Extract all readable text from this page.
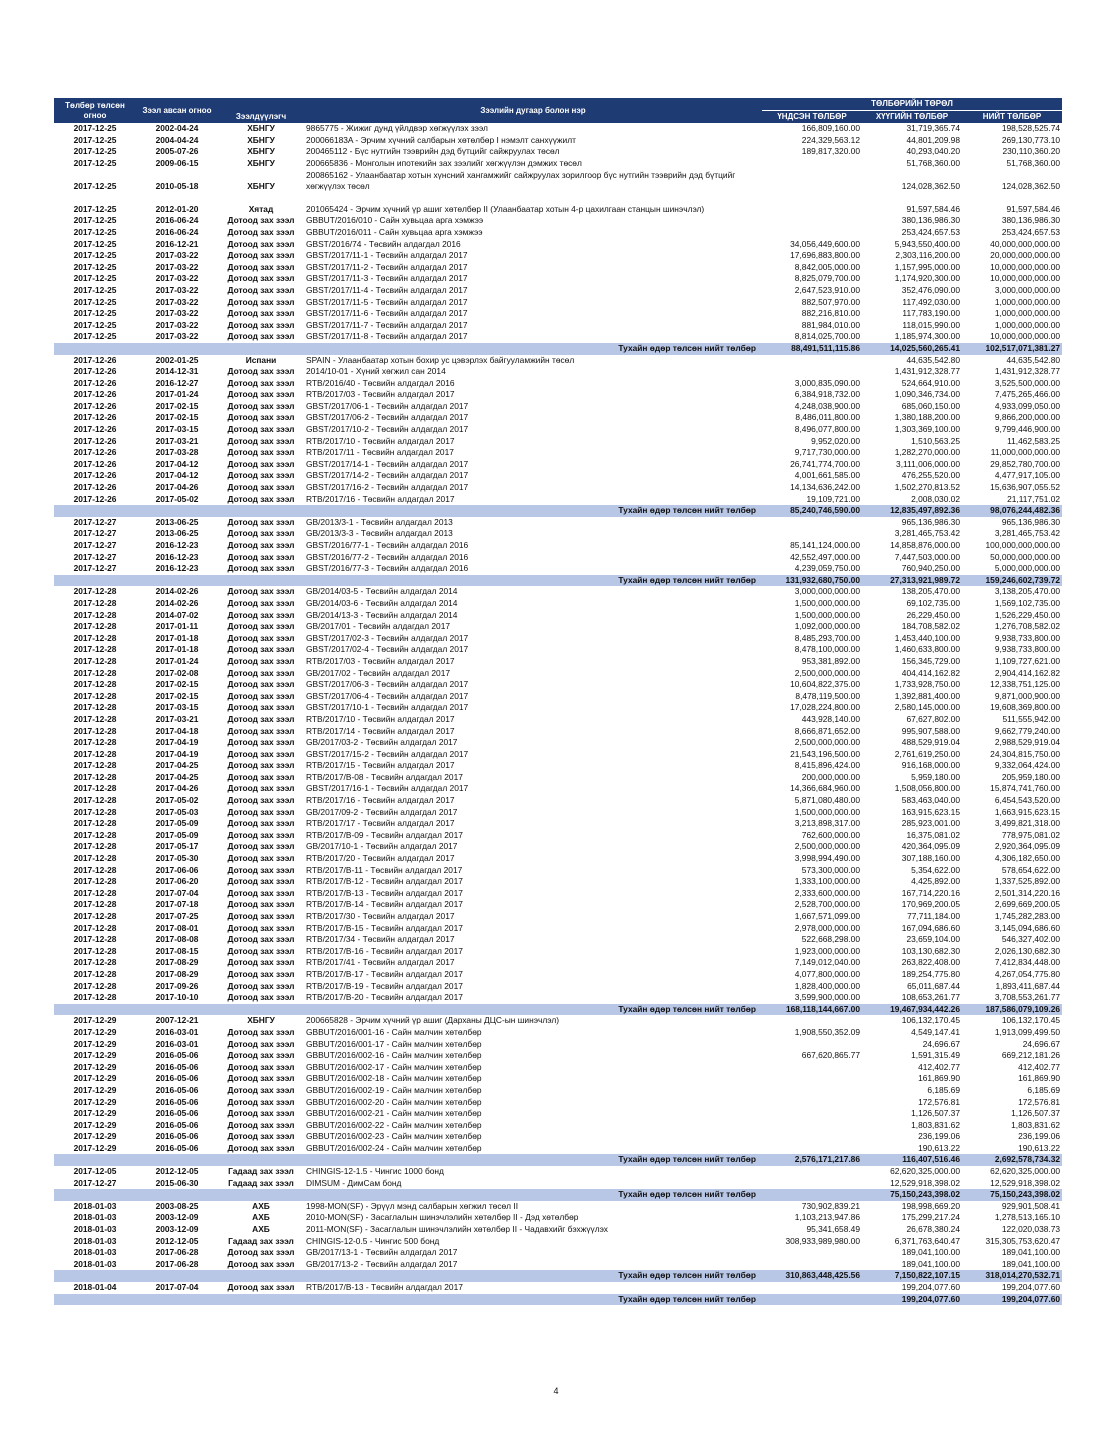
Төлбөр төлсөн огноо	Зээл авсан огноо	Зээлдүүлэгч	Зээлийн дугаар болон нэр	ТӨЛБӨРИЙН ТӨРӨЛ		
				ҮНДСЭН ТӨЛБӨР	ХҮҮГИЙН ТӨЛБӨР	НИЙТ ТӨЛБӨР
2017-12-25	2002-04-24	ХБНГУ	9865775 - Жижиг дунд үйлдвэр хөгжүүлэх зээл	166,809,160.00	31,719,365.74	198,528,525.74
2017-12-25	2004-04-24	ХБНГУ	200066183A - Эрчим хүчний салбарын хөтөлбөр I нэмэлт санхүүжилт	224,329,563.12	44,801,209.98	269,130,773.10
2017-12-25	2005-07-26	ХБНГУ	200465112 - Бүс нутгийн тээврийн дэд бүтцийг сайжруулах төсөл	189,817,320.00	40,293,040.20	230,110,360.20
2017-12-25	2009-06-15	ХБНГУ	200665836 - Монголын ипотекийн зах зээлийг хөгжүүлэн дэмжих төсөл		51,768,360.00	51,768,360.00
2017-12-25	2010-05-18	ХБНГУ	200865162 - Улаанбаатар хотын хүнсний хангамжийг сайжруулах зорилгоор бүс нутгийн тээврийн дэд бүтцийг хөгжүүлэх төсөл		124,028,362.50	124,028,362.50
2017-12-25	2012-01-20	Хятад	201065424 - Эрчим хүчний үр ашиг хөтөлбөр II (Улаанбаатар хотын 4-р цахилгаан станцын шинэчлэл)		91,597,584.46	91,597,584.46
2017-12-25	2016-06-24	Дотоод зах зээл	GBBUT/2016/010 - Сайн хувьцаа арга хэмжээ		380,136,986.30	380,136,986.30
2017-12-25	2016-06-24	Дотоод зах зээл	GBBUT/2016/011 - Сайн хувьцаа арга хэмжээ		253,424,657.53	253,424,657.53
2017-12-25	2016-12-21	Дотоод зах зээл	GBST/2016/74 - Төсвийн алдагдал 2016	34,056,449,600.00	5,943,550,400.00	40,000,000,000.00
2017-12-25	2017-03-22	Дотоод зах зээл	GBST/2017/11-1 - Төсвийн алдагдал 2017	17,696,883,800.00	2,303,116,200.00	20,000,000,000.00
2017-12-25	2017-03-22	Дотоод зах зээл	GBST/2017/11-2 - Төсвийн алдагдал 2017	8,842,005,000.00	1,157,995,000.00	10,000,000,000.00
2017-12-25	2017-03-22	Дотоод зах зээл	GBST/2017/11-3 - Төсвийн алдагдал 2017	8,825,079,700.00	1,174,920,300.00	10,000,000,000.00
2017-12-25	2017-03-22	Дотоод зах зээл	GBST/2017/11-4 - Төсвийн алдагдал 2017	2,647,523,910.00	352,476,090.00	3,000,000,000.00
2017-12-25	2017-03-22	Дотоод зах зээл	GBST/2017/11-5 - Төсвийн алдагдал 2017	882,507,970.00	117,492,030.00	1,000,000,000.00
2017-12-25	2017-03-22	Дотоод зах зээл	GBST/2017/11-6 - Төсвийн алдагдал 2017	882,216,810.00	117,783,190.00	1,000,000,000.00
2017-12-25	2017-03-22	Дотоод зах зээл	GBST/2017/11-7 - Төсвийн алдагдал 2017	881,984,010.00	118,015,990.00	1,000,000,000.00
2017-12-25	2017-03-22	Дотоод зах зээл	GBST/2017/11-8 - Төсвийн алдагдал 2017	8,814,025,700.00	1,185,974,300.00	10,000,000,000.00
Тухайн өдөр төлсөн нийт төлбөр				88,491,511,115.86	14,025,560,265.41	102,517,071,381.27
2017-12-26	2002-01-25	Испани	SPAIN - Улаанбаатар хотын бохир ус цэвэрлэх байгууламжийн төсөл		44,635,542.80	44,635,542.80
2017-12-26	2014-12-31	Дотоод зах зээл	2014/10-01 - Хүний хөгжил сан 2014		1,431,912,328.77	1,431,912,328.77
2017-12-26	2016-12-27	Дотоод зах зээл	RTB/2016/40 - Төсвийн алдагдал 2016	3,000,835,090.00	524,664,910.00	3,525,500,000.00
2017-12-26	2017-01-24	Дотоод зах зээл	RTB/2017/03 - Төсвийн алдагдал 2017	6,384,918,732.00	1,090,346,734.00	7,475,265,466.00
2017-12-26	2017-02-15	Дотоод зах зээл	GBST/2017/06-1 - Төсвийн алдагдал 2017	4,248,038,900.00	685,060,150.00	4,933,099,050.00
2017-12-26	2017-02-15	Дотоод зах зээл	GBST/2017/06-2 - Төсвийн алдагдал 2017	8,486,011,800.00	1,380,188,200.00	9,866,200,000.00
2017-12-26	2017-03-15	Дотоод зах зээл	GBST/2017/10-2 - Төсвийн алдагдал 2017	8,496,077,800.00	1,303,369,100.00	9,799,446,900.00
2017-12-26	2017-03-21	Дотоод зах зээл	RTB/2017/10 - Төсвийн алдагдал 2017	9,952,020.00	1,510,563.25	11,462,583.25
2017-12-26	2017-03-28	Дотоод зах зээл	RTB/2017/11 - Төсвийн алдагдал 2017	9,717,730,000.00	1,282,270,000.00	11,000,000,000.00
2017-12-26	2017-04-12	Дотоод зах зээл	GBST/2017/14-1 - Төсвийн алдагдал 2017	26,741,774,700.00	3,111,006,000.00	29,852,780,700.00
2017-12-26	2017-04-12	Дотоод зах зээл	GBST/2017/14-2 - Төсвийн алдагдал 2017	4,001,661,585.00	476,255,520.00	4,477,917,105.00
2017-12-26	2017-04-26	Дотоод зах зээл	GBST/2017/16-2 - Төсвийн алдагдал 2017	14,134,636,242.00	1,502,270,813.52	15,636,907,055.52
2017-12-26	2017-05-02	Дотоод зах зээл	RTB/2017/16 - Төсвийн алдагдал 2017	19,109,721.00	2,008,030.02	21,117,751.02
Тухайн өдөр төлсөн нийт төлбөр				85,240,746,590.00	12,835,497,892.36	98,076,244,482.36
2017-12-27	2013-06-25	Дотоод зах зээл	GB/2013/3-1 - Төсвийн алдагдал 2013		965,136,986.30	965,136,986.30
2017-12-27	2013-06-25	Дотоод зах зээл	GB/2013/3-3 - Төсвийн алдагдал 2013		3,281,465,753.42	3,281,465,753.42
2017-12-27	2016-12-23	Дотоод зах зээл	GBST/2016/77-1 - Төсвийн алдагдал 2016	85,141,124,000.00	14,858,876,000.00	100,000,000,000.00
2017-12-27	2016-12-23	Дотоод зах зээл	GBST/2016/77-2 - Төсвийн алдагдал 2016	42,552,497,000.00	7,447,503,000.00	50,000,000,000.00
2017-12-27	2016-12-23	Дотоод зах зээл	GBST/2016/77-3 - Төсвийн алдагдал 2016	4,239,059,750.00	760,940,250.00	5,000,000,000.00
Тухайн өдөр төлсөн нийт төлбөр				131,932,680,750.00	27,313,921,989.72	159,246,602,739.72
2017-12-28	2014-02-26	Дотоод зах зээл	GB/2014/03-5 - Төсвийн алдагдал 2014	3,000,000,000.00	138,205,470.00	3,138,205,470.00
2017-12-28	2014-02-26	Дотоод зах зээл	GB/2014/03-6 - Төсвийн алдагдал 2014	1,500,000,000.00	69,102,735.00	1,569,102,735.00
2017-12-28	2014-07-02	Дотоод зах зээл	GB/2014/13-3 - Төсвийн алдагдал 2014	1,500,000,000.00	26,229,450.00	1,526,229,450.00
2017-12-28	2017-01-11	Дотоод зах зээл	GB/2017/01 - Төсвийн алдагдал 2017	1,092,000,000.00	184,708,582.02	1,276,708,582.02
2017-12-28	2017-01-18	Дотоод зах зээл	GBST/2017/02-3 - Төсвийн алдагдал 2017	8,485,293,700.00	1,453,440,100.00	9,938,733,800.00
2017-12-28	2017-01-18	Дотоод зах зээл	GBST/2017/02-4 - Төсвийн алдагдал 2017	8,478,100,000.00	1,460,633,800.00	9,938,733,800.00
2017-12-28	2017-01-24	Дотоод зах зээл	RTB/2017/03 - Төсвийн алдагдал 2017	953,381,892.00	156,345,729.00	1,109,727,621.00
2017-12-28	2017-02-08	Дотоод зах зээл	GB/2017/02 - Төсвийн алдагдал 2017	2,500,000,000.00	404,414,162.82	2,904,414,162.82
2017-12-28	2017-02-15	Дотоод зах зээл	GBST/2017/06-3 - Төсвийн алдагдал 2017	10,604,822,375.00	1,733,928,750.00	12,338,751,125.00
2017-12-28	2017-02-15	Дотоод зах зээл	GBST/2017/06-4 - Төсвийн алдагдал 2017	8,478,119,500.00	1,392,881,400.00	9,871,000,900.00
2017-12-28	2017-03-15	Дотоод зах зээл	GBST/2017/10-1 - Төсвийн алдагдал 2017	17,028,224,800.00	2,580,145,000.00	19,608,369,800.00
2017-12-28	2017-03-21	Дотоод зах зээл	RTB/2017/10 - Төсвийн алдагдал 2017	443,928,140.00	67,627,802.00	511,555,942.00
2017-12-28	2017-04-18	Дотоод зах зээл	RTB/2017/14 - Төсвийн алдагдал 2017	8,666,871,652.00	995,907,588.00	9,662,779,240.00
2017-12-28	2017-04-19	Дотоод зах зээл	GB/2017/03-2 - Төсвийн алдагдал 2017	2,500,000,000.00	488,529,919.04	2,988,529,919.04
2017-12-28	2017-04-19	Дотоод зах зээл	GBST/2017/15-2 - Төсвийн алдагдал 2017	21,543,196,500.00	2,761,619,250.00	24,304,815,750.00
2017-12-28	2017-04-25	Дотоод зах зээл	RTB/2017/15 - Төсвийн алдагдал 2017	8,415,896,424.00	916,168,000.00	9,332,064,424.00
2017-12-28	2017-04-25	Дотоод зах зээл	RTB/2017/B-08 - Төсвийн алдагдал 2017	200,000,000.00	5,959,180.00	205,959,180.00
2017-12-28	2017-04-26	Дотоод зах зээл	GBST/2017/16-1 - Төсвийн алдагдал 2017	14,366,684,960.00	1,508,056,800.00	15,874,741,760.00
2017-12-28	2017-05-02	Дотоод зах зээл	RTB/2017/16 - Төсвийн алдагдал 2017	5,871,080,480.00	583,463,040.00	6,454,543,520.00
2017-12-28	2017-05-03	Дотоод зах зээл	GB/2017/09-2 - Төсвийн алдагдал 2017	1,500,000,000.00	163,915,623.15	1,663,915,623.15
2017-12-28	2017-05-09	Дотоод зах зээл	RTB/2017/17 - Төсвийн алдагдал 2017	3,213,898,317.00	285,923,001.00	3,499,821,318.00
2017-12-28	2017-05-09	Дотоод зах зээл	RTB/2017/B-09 - Төсвийн алдагдал 2017	762,600,000.00	16,375,081.02	778,975,081.02
2017-12-28	2017-05-17	Дотоод зах зээл	GB/2017/10-1 - Төсвийн алдагдал 2017	2,500,000,000.00	420,364,095.09	2,920,364,095.09
2017-12-28	2017-05-30	Дотоод зах зээл	RTB/2017/20 - Төсвийн алдагдал 2017	3,998,994,490.00	307,188,160.00	4,306,182,650.00
2017-12-28	2017-06-06	Дотоод зах зээл	RTB/2017/B-11 - Төсвийн алдагдал 2017	573,300,000.00	5,354,622.00	578,654,622.00
2017-12-28	2017-06-20	Дотоод зах зээл	RTB/2017/B-12 - Төсвийн алдагдал 2017	1,333,100,000.00	4,425,892.00	1,337,525,892.00
2017-12-28	2017-07-04	Дотоод зах зээл	RTB/2017/B-13 - Төсвийн алдагдал 2017	2,333,600,000.00	167,714,220.16	2,501,314,220.16
2017-12-28	2017-07-18	Дотоод зах зээл	RTB/2017/B-14 - Төсвийн алдагдал 2017	2,528,700,000.00	170,969,200.05	2,699,669,200.05
2017-12-28	2017-07-25	Дотоод зах зээл	RTB/2017/30 - Төсвийн алдагдал 2017	1,667,571,099.00	77,711,184.00	1,745,282,283.00
2017-12-28	2017-08-01	Дотоод зах зээл	RTB/2017/B-15 - Төсвийн алдагдал 2017	2,978,000,000.00	167,094,686.60	3,145,094,686.60
2017-12-28	2017-08-08	Дотоод зах зээл	RTB/2017/34 - Төсвийн алдагдал 2017	522,668,298.00	23,659,104.00	546,327,402.00
2017-12-28	2017-08-15	Дотоод зах зээл	RTB/2017/B-16 - Төсвийн алдагдал 2017	1,923,000,000.00	103,130,682.30	2,026,130,682.30
2017-12-28	2017-08-29	Дотоод зах зээл	RTB/2017/41 - Төсвийн алдагдал 2017	7,149,012,040.00	263,822,408.00	7,412,834,448.00
2017-12-28	2017-08-29	Дотоод зах зээл	RTB/2017/B-17 - Төсвийн алдагдал 2017	4,077,800,000.00	189,254,775.80	4,267,054,775.80
2017-12-28	2017-09-26	Дотоод зах зээл	RTB/2017/B-19 - Төсвийн алдагдал 2017	1,828,400,000.00	65,011,687.44	1,893,411,687.44
2017-12-28	2017-10-10	Дотоод зах зээл	RTB/2017/B-20 - Төсвийн алдагдал 2017	3,599,900,000.00	108,653,261.77	3,708,553,261.77
Тухайн өдөр төлсөн нийт төлбөр				168,118,144,667.00	19,467,934,442.26	187,586,079,109.26
2017-12-29	2007-12-21	ХБНГУ	200665828 - Эрчим хүчний үр ашиг (Дарханы ДЦС-ын шинэчлэл)		106,132,170.45	106,132,170.45
2017-12-29	2016-03-01	Дотоод зах зээл	GBBUT/2016/001-16 - Сайн малчин хөтөлбөр	1,908,550,352.09	4,549,147.41	1,913,099,499.50
2017-12-29	2016-03-01	Дотоод зах зээл	GBBUT/2016/001-17 - Сайн малчин хөтөлбөр		24,696.67	24,696.67
2017-12-29	2016-05-06	Дотоод зах зээл	GBBUT/2016/002-16 - Сайн малчин хөтөлбөр	667,620,865.77	1,591,315.49	669,212,181.26
2017-12-29	2016-05-06	Дотоод зах зээл	GBBUT/2016/002-17 - Сайн малчин хөтөлбөр		412,402.77	412,402.77
2017-12-29	2016-05-06	Дотоод зах зээл	GBBUT/2016/002-18 - Сайн малчин хөтөлбөр		161,869.90	161,869.90
2017-12-29	2016-05-06	Дотоод зах зээл	GBBUT/2016/002-19 - Сайн малчин хөтөлбөр		6,185.69	6,185.69
2017-12-29	2016-05-06	Дотоод зах зээл	GBBUT/2016/002-20 - Сайн малчин хөтөлбөр		172,576.81	172,576.81
2017-12-29	2016-05-06	Дотоод зах зээл	GBBUT/2016/002-21 - Сайн малчин хөтөлбөр		1,126,507.37	1,126,507.37
2017-12-29	2016-05-06	Дотоод зах зээл	GBBUT/2016/002-22 - Сайн малчин хөтөлбөр		1,803,831.62	1,803,831.62
2017-12-29	2016-05-06	Дотоод зах зээл	GBBUT/2016/002-23 - Сайн малчин хөтөлбөр		236,199.06	236,199.06
2017-12-29	2016-05-06	Дотоод зах зээл	GBBUT/2016/002-24 - Сайн малчин хөтөлбөр		190,613.22	190,613.22
Тухайн өдөр төлсөн нийт төлбөр				2,576,171,217.86	116,407,516.46	2,692,578,734.32
2017-12-05	2012-12-05	Гадаад зах зээл	CHINGIS-12-1.5 - Чингис 1000 бонд		62,620,325,000.00	62,620,325,000.00
2017-12-27	2015-06-30	Гадаад зах зээл	DIMSUM - ДимСам бонд		12,529,918,398.02	12,529,918,398.02
Тухайн өдөр төлсөн нийт төлбөр					75,150,243,398.02	75,150,243,398.02
2018-01-03	2003-08-25	АХБ	1998-MON(SF) - Эрүүл мэнд салбарын хөгжил төсөл II	730,902,839.21	198,998,669.20	929,901,508.41
2018-01-03	2003-12-09	АХБ	2010-MON(SF) - Засаглалын шинэчлэлийн хөтөлбөр II - Дэд хөтөлбөр	1,103,213,947.86	175,299,217.24	1,278,513,165.10
2018-01-03	2003-12-09	АХБ	2011-MON(SF) - Засаглалын шинэчлэлийн хөтөлбөр II - Чадавхийг бэхжүүлэх	95,341,658.49	26,678,380.24	122,020,038.73
2018-01-03	2012-12-05	Гадаад зах зээл	CHINGIS-12-0.5 - Чингис 500 бонд	308,933,989,980.00	6,371,763,640.47	315,305,753,620.47
2018-01-03	2017-06-28	Дотоод зах зээл	GB/2017/13-1 - Төсвийн алдагдал 2017		189,041,100.00	189,041,100.00
2018-01-03	2017-06-28	Дотоод зах зээл	GB/2017/13-2 - Төсвийн алдагдал 2017		189,041,100.00	189,041,100.00
Тухайн өдөр төлсөн нийт төлбөр				310,863,448,425.56	7,150,822,107.15	318,014,270,532.71
2018-01-04	2017-07-04	Дотоод зах зээл	RTB/2017/B-13 - Төсвийн алдагдал 2017		199,204,077.60	199,204,077.60
Тухайн өдөр төлсөн нийт төлбөр					199,204,077.60	199,204,077.60
4
